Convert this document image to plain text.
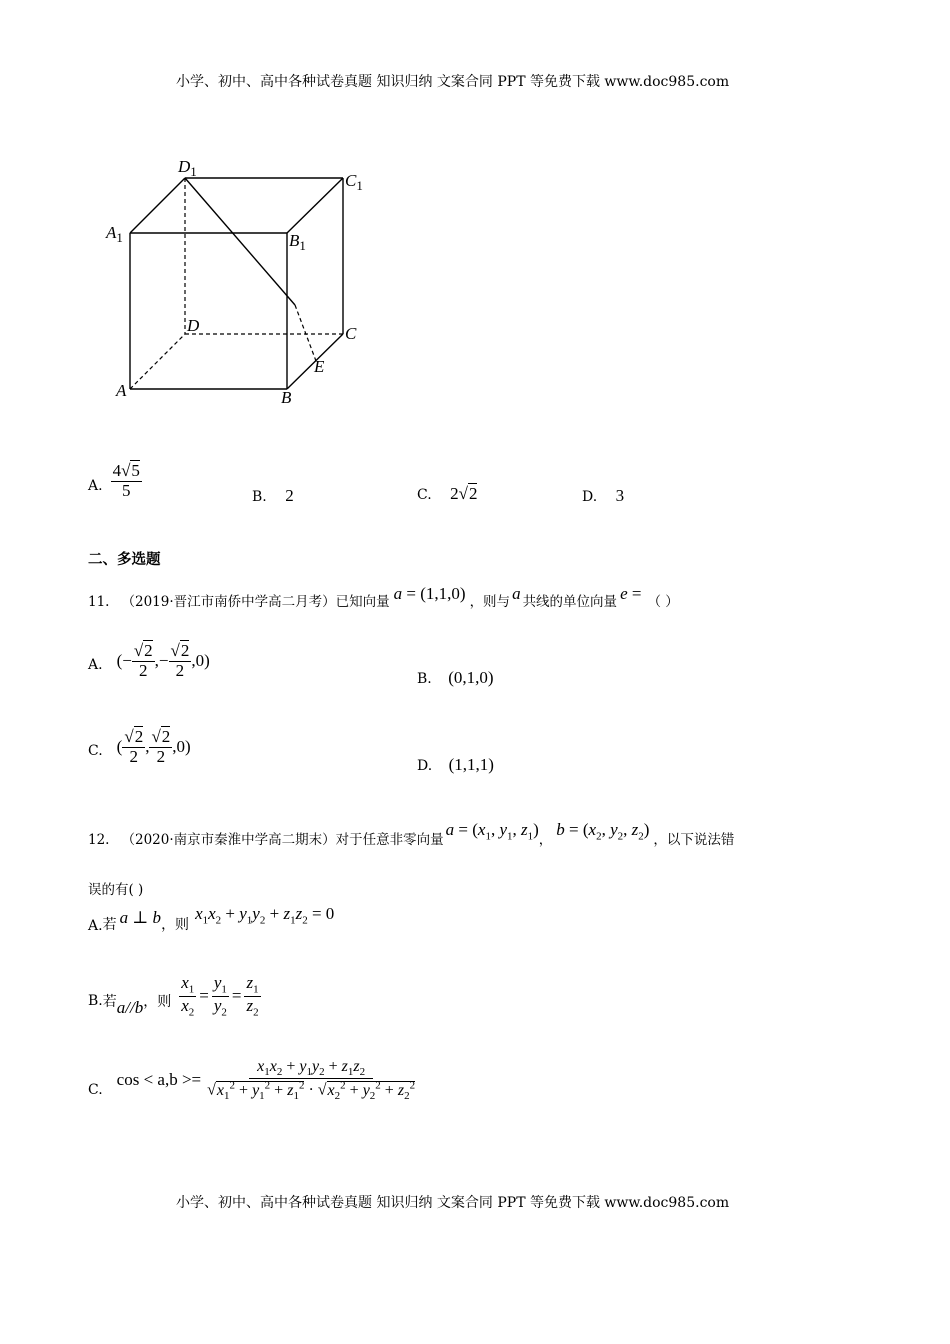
小学、初中、高中各种试卷真题 知识归纳 文案合同 PPT 等免费下载 www.doc985.com
$D_1$	$C_1$
$A_1$	$B_1$
D	C
A	B
E
A. $\frac{4√5}{5}$	B. 2	C. 2√2	D. 3
二、多选题
11. （2019·晋江市南侨中学高二月考）已知向量 a = (1,1,0) ，则与 a 共线的单位向量 e = （ ）
A. (− $\frac{√2}{2}$ ,− $\frac{√2}{2} ,0$)
B. (0,1,0)
C. ( $\frac{√2}{2}$ , $\frac{√2}{2} ,0$)
D. (1,1,1)
12. （2020·南京市秦淮中学高二期末）对于任意非零向量
$a = (x_1$, $y_1$, $z_1$)
，
$b = (x_2$, $y_2$, $z_2$)
，以下说法错
误的有( )
A. 若 a ⊥ b ，则
$x_1x_2 + y_1y_2 + z_1z_2 = 0$
B. 若 a//b ，则 $\frac{x_1}{x_2} = \frac{y_1}{y_2} = \frac{z_1}{z_2}$
C.
$\cos < a,b >= \frac{x_1x_2 + y_1y_2 + z_1z_2}{√x_1^2 + y_1^2 + z_1^2 \cdot √x_2^2 + y_2^2 + z_2^2}$
小学、初中、高中各种试卷真题 知识归纳 文案合同 PPT 等免费下载 www.doc985.com
